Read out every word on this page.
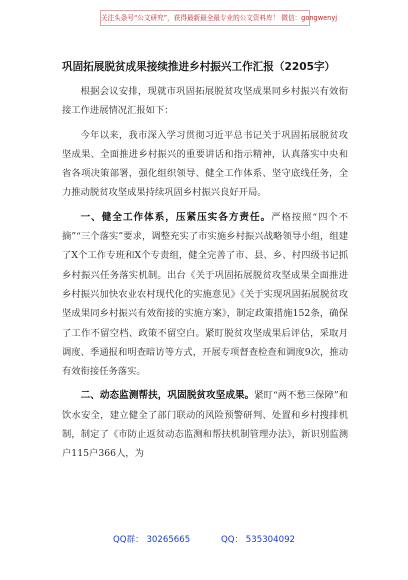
关注头条号“公文研究”，获得最新最全最专业的公文资料库！ 微信：gongwenyj
巩固拓展脱贫成果接续推进乡村振兴工作汇报（2205字）

根据会议安排，现就市巩固拓展脱贫攻坚成果同乡村振兴有效衔接工作进展情况汇报如下：

今年以来，我市深入学习贯彻习近平总书记关于巩固拓展脱贫攻坚成果、全面推进乡村振兴的重要讲话和指示精神，认真落实中央和省各项决策部署，强化组织领导、健全工作体系、坚守底线任务，全力推动脱贫攻坚成果持续巩固乡村振兴良好开局。

一、健全工作体系，压紧压实各方责任。严格按照“四个不摘”“三个落实”要求，调整充实了市实施乡村振兴战略领导小组，组建了X个工作专班和X个专责组，健全完善了市、县、乡、村四级书记抓乡村振兴任务落实机制。出台《关于巩固拓展脱贫攻坚成果全面推进乡村振兴加快农业农村现代化的实施意见》《关于实现巩固拓展脱贫攻坚成果同乡村振兴有效衔接的实施方案》，制定政策措施152条，确保了工作不留空档、政策不留空白。紧盯脱贫攻坚成果后评估，采取月调度、季通报和明查暗访等方式，开展专项督查检查和调度9次，推动有效衔接任务落实。

二、动态监测帮扶，巩固脱贫攻坚成果。紧盯“两不愁三保障”和饮水安全，建立健全了部门联动的风险预警研判、处置和乡村搜排机制，制定了《市防止返贫动态监测和帮扶机制管理办法》，新识别监测户115户366人，为

QQ群： 30265665	QQ： 535304092
